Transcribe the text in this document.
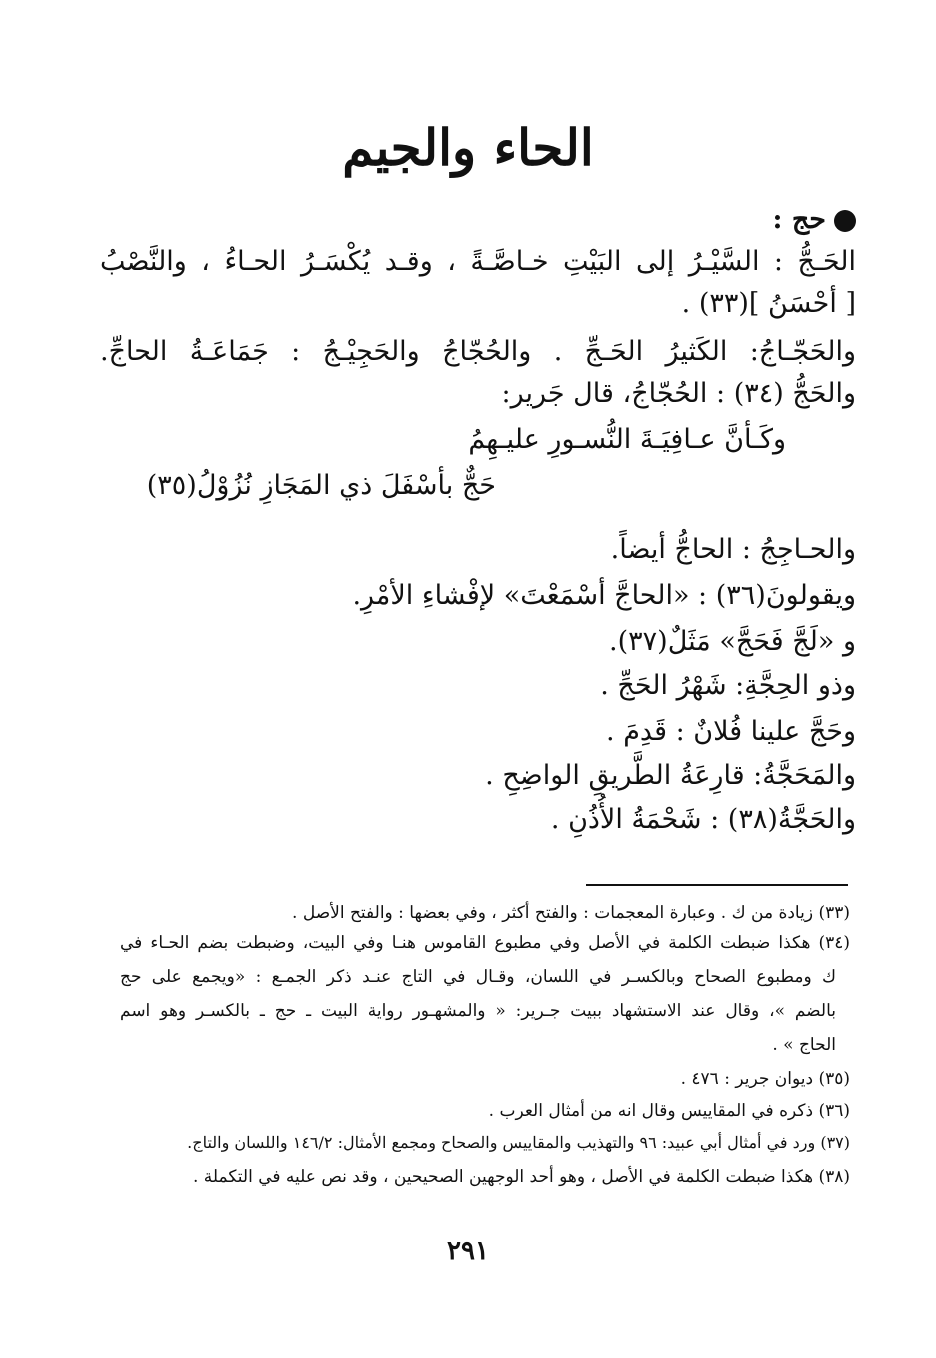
الحاء والجيم
حج :
الحَـجُّ : السَّيْـرُ إلى البَيْتِ خـاصَّـةً ، وقـد يُكْسَـرُ الحـاءُ ، والنَّصْبُ
[ أحْسَنُ ](٣٣) .
والحَجّـاجُ: الكَثيرُ الحَـجِّ . والحُجّاجُ والحَجِيْـجُ : جَمَاعَـةُ الحاجِّ.
والحَجُّ (٣٤) : الحُجّاجُ، قال جَرير:
وكَـأنَّ عـافِيَـةَ النُّسـورِ عليـهِمُ
حَجٌّ بأسْفَلَ ذي المَجَازِ نُزُوْلُ(٣٥)
والحـاجِجُ : الحاجُّ أيضاً.
ويقولونَ(٣٦) : «الحاجَّ أسْمَعْتَ» لإفْشاءِ الأمْرِ.
و «لَجَّ فَحَجَّ» مَثَلٌ(٣٧).
وذو الحِجَّةِ: شَهْرُ الحَجِّ .
وحَجَّ علينا فُلانٌ : قَدِمَ .
والمَحَجَّةُ: قارِعَةُ الطَّريقِ الواضِحِ .
والحَجَّةُ(٣٨) : شَحْمَةُ الأُذُنِ .
(٣٣) زيادة من ك . وعبارة المعجمات : والفتح أكثر ، وفي بعضها : والفتح الأصل .
(٣٤) هكذا ضبطت الكلمة في الأصل وفي مطبوع القاموس هنـا وفي البيت، وضبطت بضم الحـاء في
ك ومطبوع الصحاح وبالكسـر في اللسان، وقـال في التاج عنـد ذكر الجمـع : «ويجمع على حج
بالضم »، وقال عند الاستشهاد ببيت جـرير: « والمشهـور رواية البيت ـ حج ـ بالكسـر وهو اسم
الحاج » .
(٣٥) ديوان جرير : ٤٧٦ .
(٣٦) ذكره في المقاييس وقال انه من أمثال العرب .
(٣٧) ورد في أمثال أبي عبيد: ٩٦ والتهذيب والمقاييس والصحاح ومجمع الأمثال: ١٤٦/٢ واللسان والتاج.
(٣٨) هكذا ضبطت الكلمة في الأصل ، وهو أحد الوجهين الصحيحين ، وقد نص عليه في التكملة .
٢٩١
